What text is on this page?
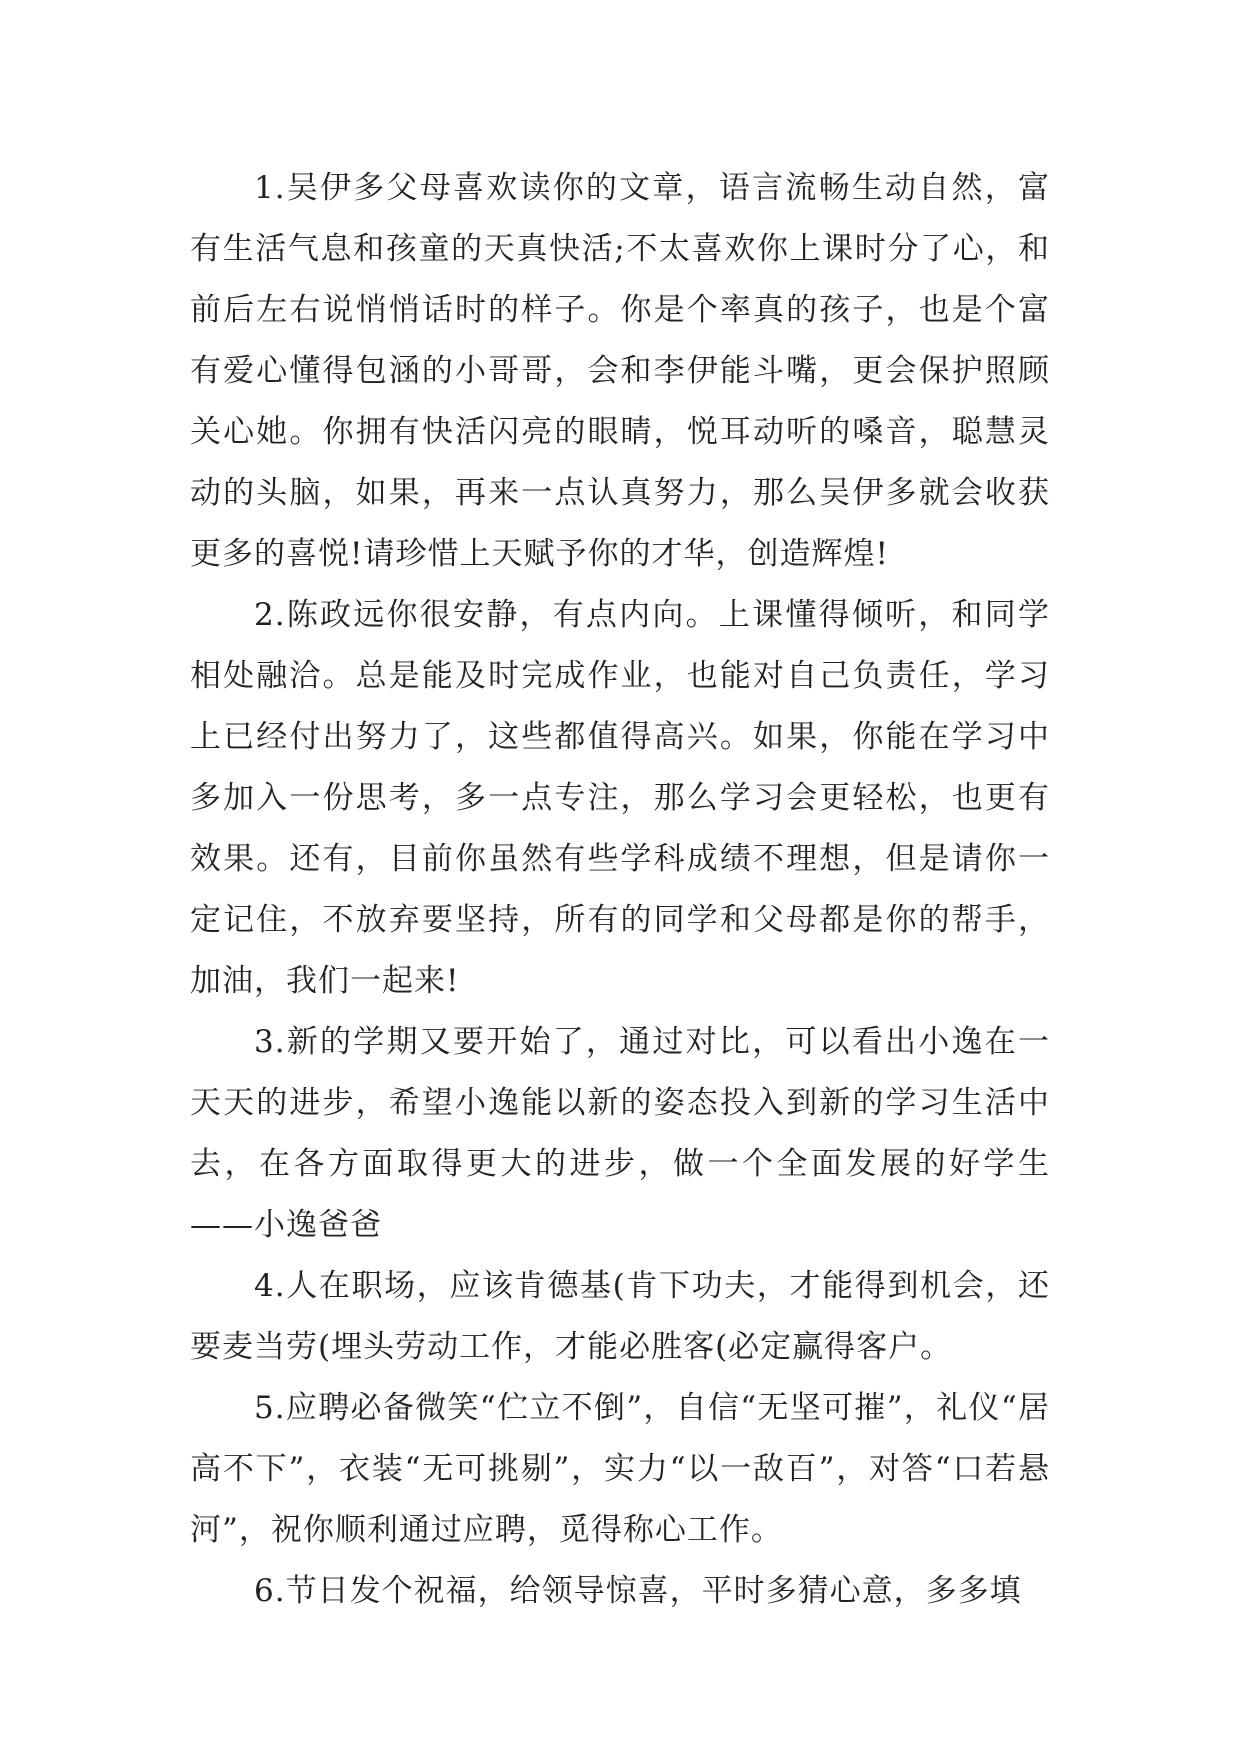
1.吴伊多父母喜欢读你的文章，语言流畅生动自然，富有生活气息和孩童的天真快活;不太喜欢你上课时分了心，和前后左右说悄悄话时的样子。你是个率真的孩子，也是个富有爱心懂得包涵的小哥哥，会和李伊能斗嘴，更会保护照顾关心她。你拥有快活闪亮的眼睛，悦耳动听的嗓音，聪慧灵动的头脑，如果，再来一点认真努力，那么吴伊多就会收获更多的喜悦!请珍惜上天赋予你的才华，创造辉煌!

2.陈政远你很安静，有点内向。上课懂得倾听，和同学相处融洽。总是能及时完成作业，也能对自己负责任，学习上已经付出努力了，这些都值得高兴。如果，你能在学习中多加入一份思考，多一点专注，那么学习会更轻松，也更有效果。还有，目前你虽然有些学科成绩不理想，但是请你一定记住，不放弃要坚持，所有的同学和父母都是你的帮手，加油，我们一起来!

3.新的学期又要开始了，通过对比，可以看出小逸在一天天的进步，希望小逸能以新的姿态投入到新的学习生活中去，在各方面取得更大的进步，做一个全面发展的好学生——小逸爸爸

4.人在职场，应该肯德基(肯下功夫，才能得到机会，还要麦当劳(埋头劳动工作，才能必胜客(必定赢得客户。

5.应聘必备微笑“伫立不倒”，自信“无坚可摧”，礼仪“居高不下”，衣装“无可挑剔”，实力“以一敌百”，对答“口若悬河”，祝你顺利通过应聘，觅得称心工作。

6.节日发个祝福，给领导惊喜，平时多猜心意，多多填
